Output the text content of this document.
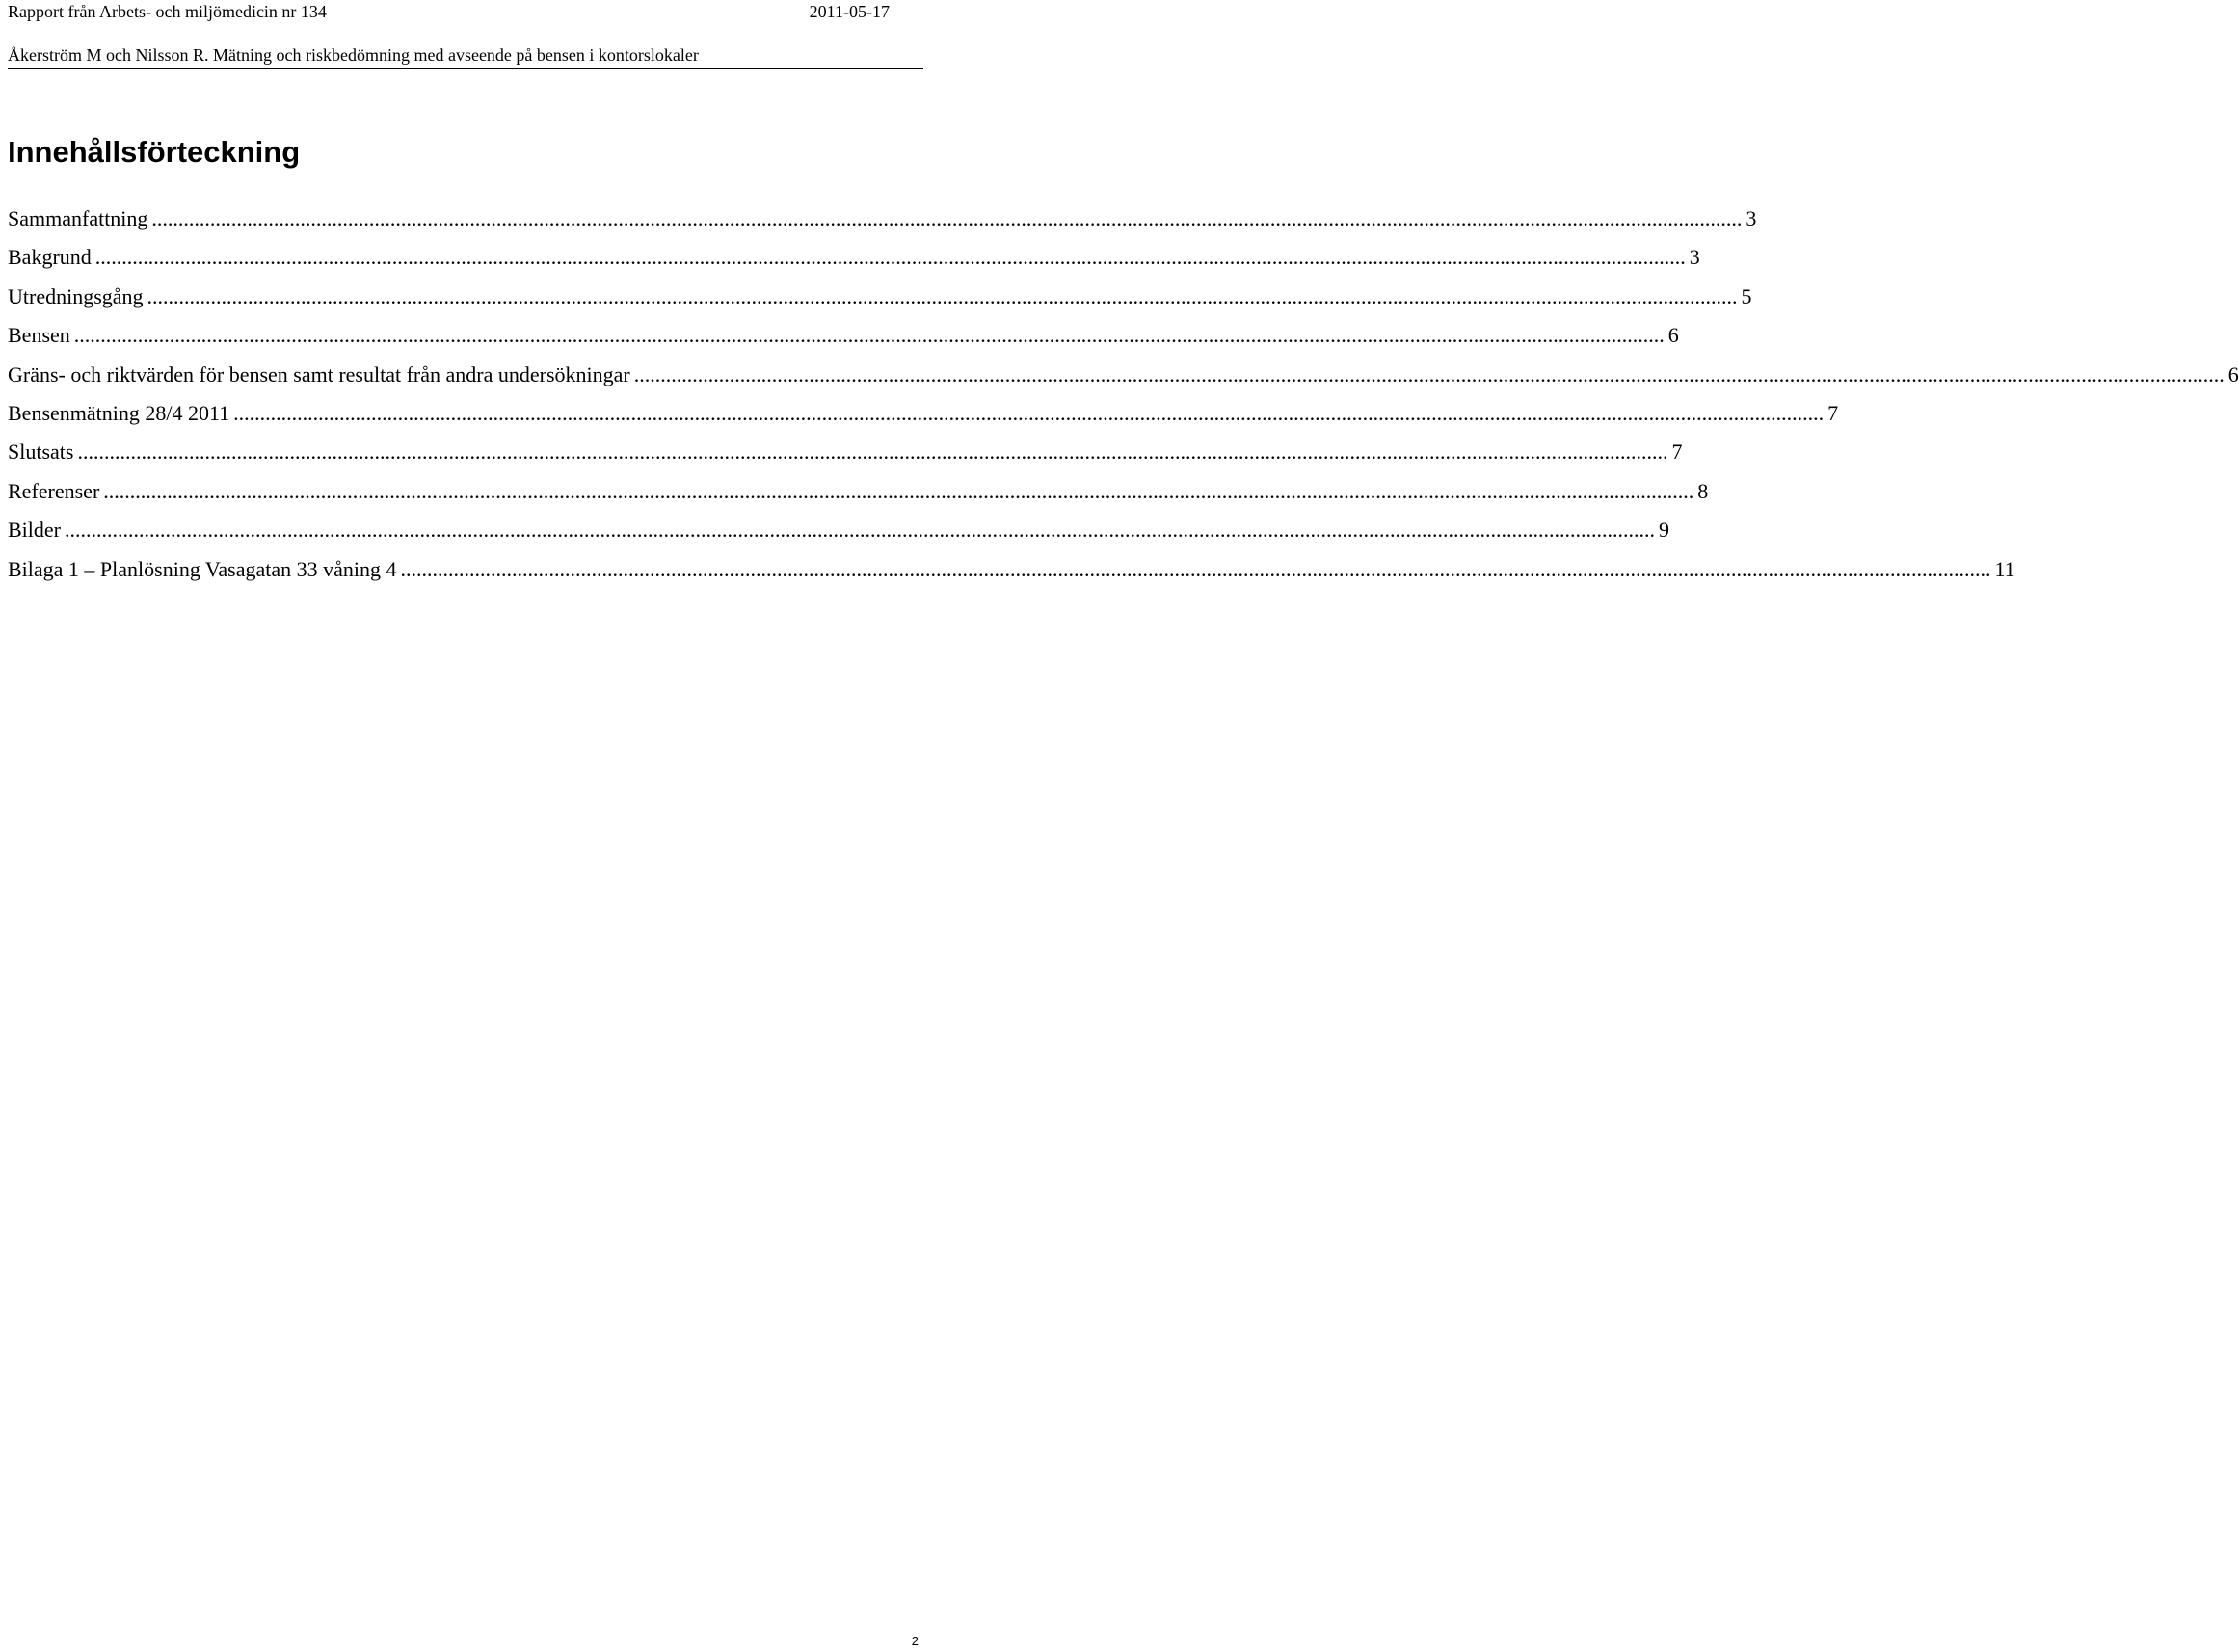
Rapport från Arbets- och miljömedicin nr 134	2011-05-17
Åkerström M och Nilsson R. Mätning och riskbedömning med avseende på bensen i kontorslokaler
Innehållsförteckning
Sammanfattning ............................................................................................................................................................................................................................................................................................................ 3
Bakgrund ............................................................................................................................................................................................................................................................................................................ 3
Utredningsgång ............................................................................................................................................................................................................................................................................................................ 5
Bensen ............................................................................................................................................................................................................................................................................................................ 6
Gräns- och riktvärden för bensen samt resultat från andra undersökningar ............................................................................................................................................................................................................................................................................................................ 6
Bensenmätning 28/4 2011 ............................................................................................................................................................................................................................................................................................................ 7
Slutsats ............................................................................................................................................................................................................................................................................................................ 7
Referenser ............................................................................................................................................................................................................................................................................................................ 8
Bilder ............................................................................................................................................................................................................................................................................................................ 9
Bilaga 1 – Planlösning Vasagatan 33 våning 4 ............................................................................................................................................................................................................................................................................................................ 11
2
